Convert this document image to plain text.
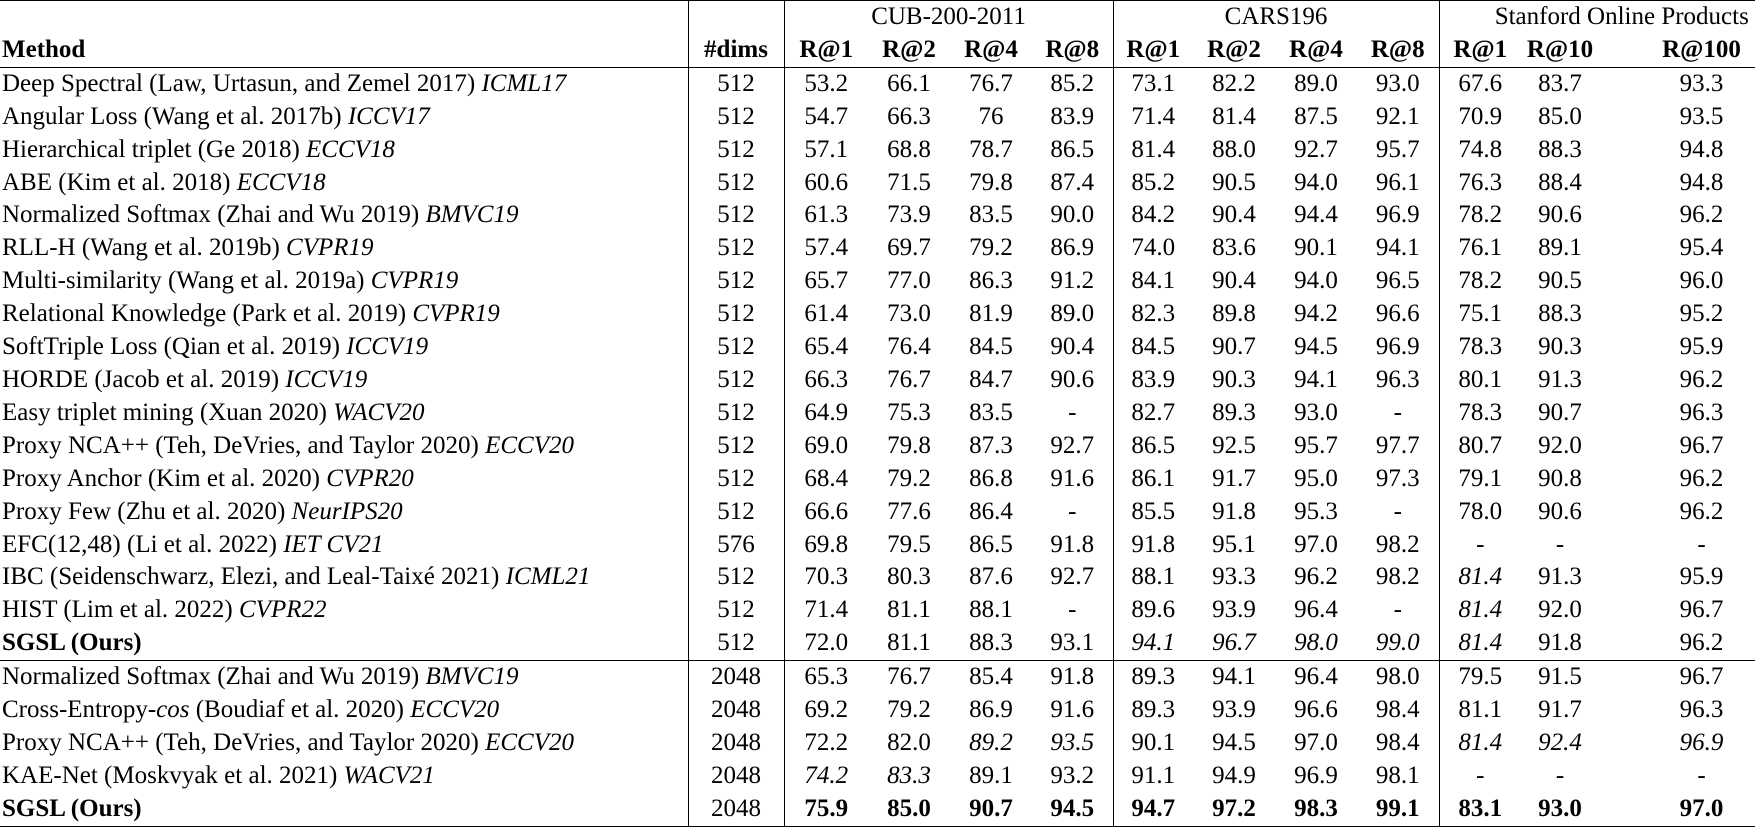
		CUB-200-2011				CARS196				Stanford Online Products		
Method	#dims	R@1	R@2	R@4	R@8	R@1	R@2	R@4	R@8	R@1	R@10	R@100
Deep Spectral (Law, Urtasun, and Zemel 2017) ICML17	512	53.2	66.1	76.7	85.2	73.1	82.2	89.0	93.0	67.6	83.7	93.3
Angular Loss (Wang et al. 2017b) ICCV17	512	54.7	66.3	76	83.9	71.4	81.4	87.5	92.1	70.9	85.0	93.5
Hierarchical triplet (Ge 2018) ECCV18	512	57.1	68.8	78.7	86.5	81.4	88.0	92.7	95.7	74.8	88.3	94.8
ABE (Kim et al. 2018) ECCV18	512	60.6	71.5	79.8	87.4	85.2	90.5	94.0	96.1	76.3	88.4	94.8
Normalized Softmax (Zhai and Wu 2019) BMVC19	512	61.3	73.9	83.5	90.0	84.2	90.4	94.4	96.9	78.2	90.6	96.2
RLL-H (Wang et al. 2019b) CVPR19	512	57.4	69.7	79.2	86.9	74.0	83.6	90.1	94.1	76.1	89.1	95.4
Multi-similarity (Wang et al. 2019a) CVPR19	512	65.7	77.0	86.3	91.2	84.1	90.4	94.0	96.5	78.2	90.5	96.0
Relational Knowledge (Park et al. 2019) CVPR19	512	61.4	73.0	81.9	89.0	82.3	89.8	94.2	96.6	75.1	88.3	95.2
SoftTriple Loss (Qian et al. 2019) ICCV19	512	65.4	76.4	84.5	90.4	84.5	90.7	94.5	96.9	78.3	90.3	95.9
HORDE (Jacob et al. 2019) ICCV19	512	66.3	76.7	84.7	90.6	83.9	90.3	94.1	96.3	80.1	91.3	96.2
Easy triplet mining (Xuan 2020) WACV20	512	64.9	75.3	83.5	-	82.7	89.3	93.0	-	78.3	90.7	96.3
Proxy NCA++ (Teh, DeVries, and Taylor 2020) ECCV20	512	69.0	79.8	87.3	92.7	86.5	92.5	95.7	97.7	80.7	92.0	96.7
Proxy Anchor (Kim et al. 2020) CVPR20	512	68.4	79.2	86.8	91.6	86.1	91.7	95.0	97.3	79.1	90.8	96.2
Proxy Few (Zhu et al. 2020) NeurIPS20	512	66.6	77.6	86.4	-	85.5	91.8	95.3	-	78.0	90.6	96.2
EFC(12,48) (Li et al. 2022) IET CV21	576	69.8	79.5	86.5	91.8	91.8	95.1	97.0	98.2	-	-	-
IBC (Seidenschwarz, Elezi, and Leal-Taixé 2021) ICML21	512	70.3	80.3	87.6	92.7	88.1	93.3	96.2	98.2	81.4	91.3	95.9
HIST (Lim et al. 2022) CVPR22	512	71.4	81.1	88.1	-	89.6	93.9	96.4	-	81.4	92.0	96.7
SGSL (Ours)	512	72.0	81.1	88.3	93.1	94.1	96.7	98.0	99.0	81.4	91.8	96.2
Normalized Softmax (Zhai and Wu 2019) BMVC19	2048	65.3	76.7	85.4	91.8	89.3	94.1	96.4	98.0	79.5	91.5	96.7
Cross-Entropy-cos (Boudiaf et al. 2020) ECCV20	2048	69.2	79.2	86.9	91.6	89.3	93.9	96.6	98.4	81.1	91.7	96.3
Proxy NCA++ (Teh, DeVries, and Taylor 2020) ECCV20	2048	72.2	82.0	89.2	93.5	90.1	94.5	97.0	98.4	81.4	92.4	96.9
KAE-Net (Moskvyak et al. 2021) WACV21	2048	74.2	83.3	89.1	93.2	91.1	94.9	96.9	98.1	-	-	-
SGSL (Ours)	2048	75.9	85.0	90.7	94.5	94.7	97.2	98.3	99.1	83.1	93.0	97.0
